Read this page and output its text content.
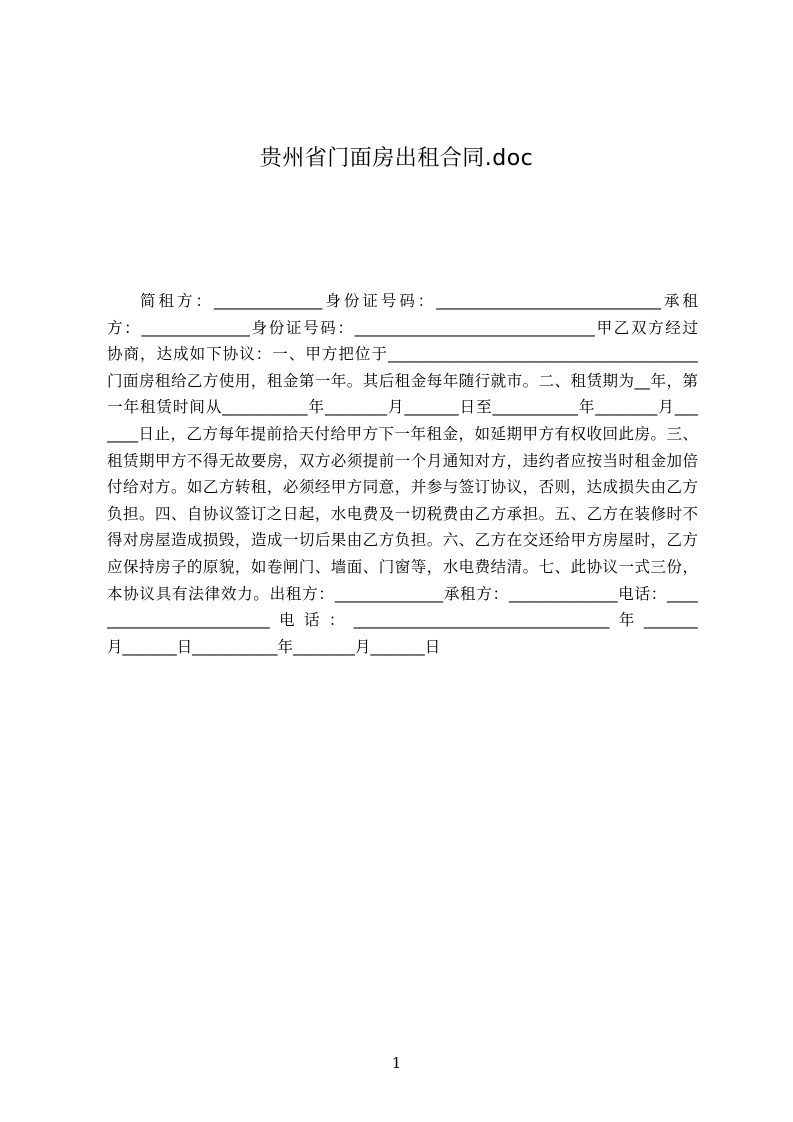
贵州省门面房出租合同.doc
简租方：______________身份证号码：_____________________________承租
方：______________身份证号码：_______________________________甲乙双方经过
协商，达成如下协议：一、甲方把位于________________________________________
门面房租给乙方使用，租金第一年。其后租金每年随行就市。二、租赁期为__年，第
一年租赁时间从___________年________月_______日至___________年________月___
____日止，乙方每年提前拾天付给甲方下一年租金，如延期甲方有权收回此房。三、
租赁期甲方不得无故要房，双方必须提前一个月通知对方，违约者应按当时租金加倍
付给对方。如乙方转租，必须经甲方同意，并参与签订协议，否则，达成损失由乙方
负担。四、自协议签订之日起，水电费及一切税费由乙方承担。五、乙方在装修时不
得对房屋造成损毁，造成一切后果由乙方负担。六、乙方在交还给甲方房屋时，乙方
应保持房子的原貌，如卷闸门、墙面、门窗等，水电费结清。七、此协议一式三份，
本协议具有法律效力。出租方：______________承租方：______________电话：____
_____________________电话：_________________________________年_______
月_______日___________年________月_______日
1
